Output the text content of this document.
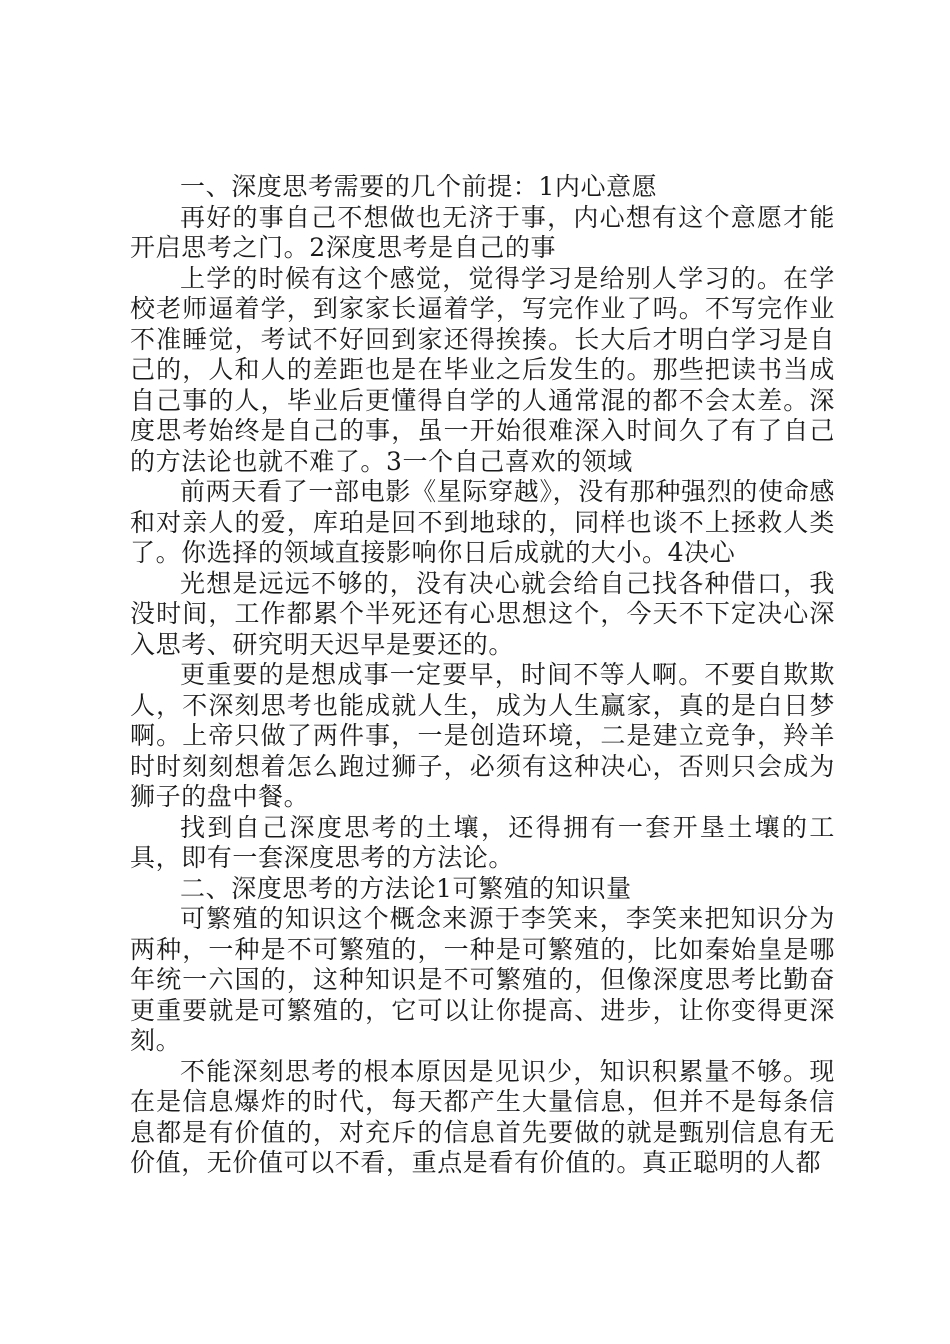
一、深度思考需要的几个前提：1内心意愿

再好的事自己不想做也无济于事，内心想有这个意愿才能开启思考之门。2深度思考是自己的事

上学的时候有这个感觉，觉得学习是给别人学习的。在学校老师逼着学，到家家长逼着学，写完作业了吗。不写完作业不准睡觉，考试不好回到家还得挨揍。长大后才明白学习是自己的，人和人的差距也是在毕业之后发生的。那些把读书当成自己事的人，毕业后更懂得自学的人通常混的都不会太差。深度思考始终是自己的事，虽一开始很难深入时间久了有了自己的方法论也就不难了。3一个自己喜欢的领域

前两天看了一部电影《星际穿越》，没有那种强烈的使命感和对亲人的爱，库珀是回不到地球的，同样也谈不上拯救人类了。你选择的领域直接影响你日后成就的大小。4决心

光想是远远不够的，没有决心就会给自己找各种借口，我没时间，工作都累个半死还有心思想这个，今天不下定决心深入思考、研究明天迟早是要还的。

更重要的是想成事一定要早，时间不等人啊。不要自欺欺人，不深刻思考也能成就人生，成为人生赢家，真的是白日梦啊。上帝只做了两件事，一是创造环境，二是建立竞争，羚羊时时刻刻想着怎么跑过狮子，必须有这种决心，否则只会成为狮子的盘中餐。

找到自己深度思考的土壤，还得拥有一套开垦土壤的工具，即有一套深度思考的方法论。

二、深度思考的方法论1可繁殖的知识量

可繁殖的知识这个概念来源于李笑来，李笑来把知识分为两种，一种是不可繁殖的，一种是可繁殖的，比如秦始皇是哪年统一六国的，这种知识是不可繁殖的，但像深度思考比勤奋更重要就是可繁殖的，它可以让你提高、进步，让你变得更深刻。

不能深刻思考的根本原因是见识少，知识积累量不够。现在是信息爆炸的时代，每天都产生大量信息，但并不是每条信息都是有价值的，对充斥的信息首先要做的就是甄别信息有无价值，无价值可以不看，重点是看有价值的。真正聪明的人都
